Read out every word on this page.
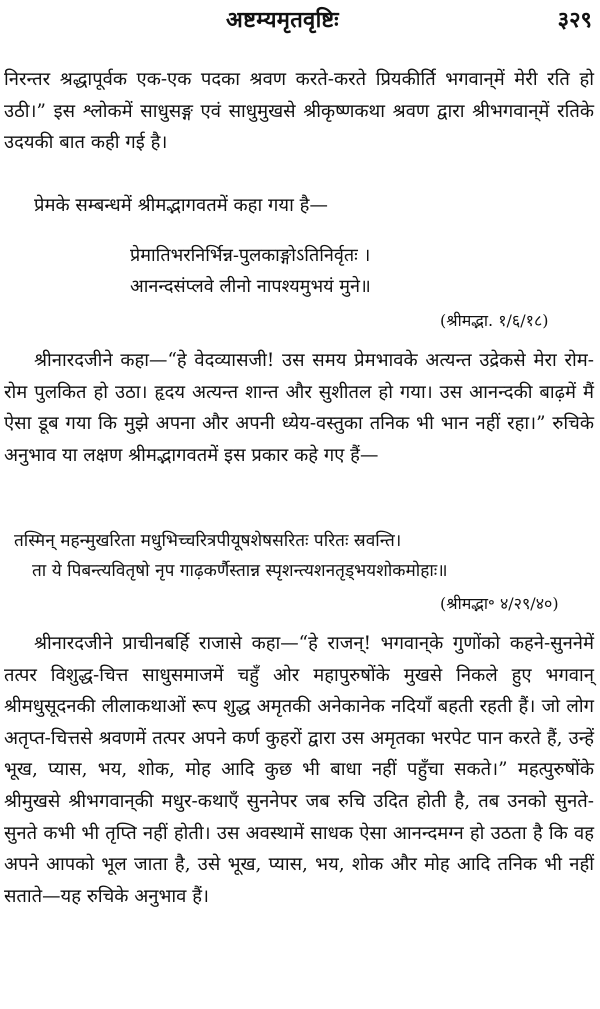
अष्टम्यमृतवृष्टिः	३२९
निरन्तर श्रद्धापूर्वक एक-एक पदका श्रवण करते-करते प्रियकीर्ति भगवान्‌में मेरी रति हो उठी।” इस श्लोकमें साधुसङ्ग एवं साधुमुखसे श्रीकृष्णकथा श्रवण द्वारा श्रीभगवान्‌में रतिके उदयकी बात कही गई है।
प्रेमके सम्बन्धमें श्रीमद्भागवतमें कहा गया है—
प्रेमातिभरनिर्भिन्न-पुलकाङ्गोऽतिनिर्वृतः ।
आनन्दसंप्लवे लीनो नापश्यमुभयं मुने॥
(श्रीमद्भा. १/६/१८)
श्रीनारदजीने कहा—“हे वेदव्यासजी! उस समय प्रेमभावके अत्यन्त उद्रेकसे मेरा रोम-रोम पुलकित हो उठा। हृदय अत्यन्त शान्त और सुशीतल हो गया। उस आनन्दकी बाढ़में मैं ऐसा डूब गया कि मुझे अपना और अपनी ध्येय-वस्तुका तनिक भी भान नहीं रहा।” रुचिके अनुभाव या लक्षण श्रीमद्भागवतमें इस प्रकार कहे गए हैं—
तस्मिन् महन्मुखरिता मधुभिच्चरित्रपीयूषशेषसरितः परितः स्रवन्ति।
ता ये पिबन्त्यवितृषो नृप गाढ़कर्णैस्तान्न स्पृशन्त्यशनतृड्‌भयशोकमोहाः॥
(श्रीमद्भा॰ ४/२९/४०)
श्रीनारदजीने प्राचीनबर्हि राजासे कहा—“हे राजन्! भगवान्‌के गुणोंको कहने-सुननेमें तत्पर विशुद्ध-चित्त साधुसमाजमें चहुँ ओर महापुरुषोंके मुखसे निकले हुए भगवान् श्रीमधुसूदनकी लीलाकथाओं रूप शुद्ध अमृतकी अनेकानेक नदियाँ बहती रहती हैं। जो लोग अतृप्त-चित्तसे श्रवणमें तत्पर अपने कर्ण कुहरों द्वारा उस अमृतका भरपेट पान करते हैं, उन्हें भूख, प्यास, भय, शोक, मोह आदि कुछ भी बाधा नहीं पहुँचा सकते।” महत्पुरुषोंके श्रीमुखसे श्रीभगवान्‌की मधुर-कथाएँ सुननेपर जब रुचि उदित होती है, तब उनको सुनते-सुनते कभी भी तृप्ति नहीं होती। उस अवस्थामें साधक ऐसा आनन्दमग्न हो उठता है कि वह अपने आपको भूल जाता है, उसे भूख, प्यास, भय, शोक और मोह आदि तनिक भी नहीं सताते—यह रुचिके अनुभाव हैं।
